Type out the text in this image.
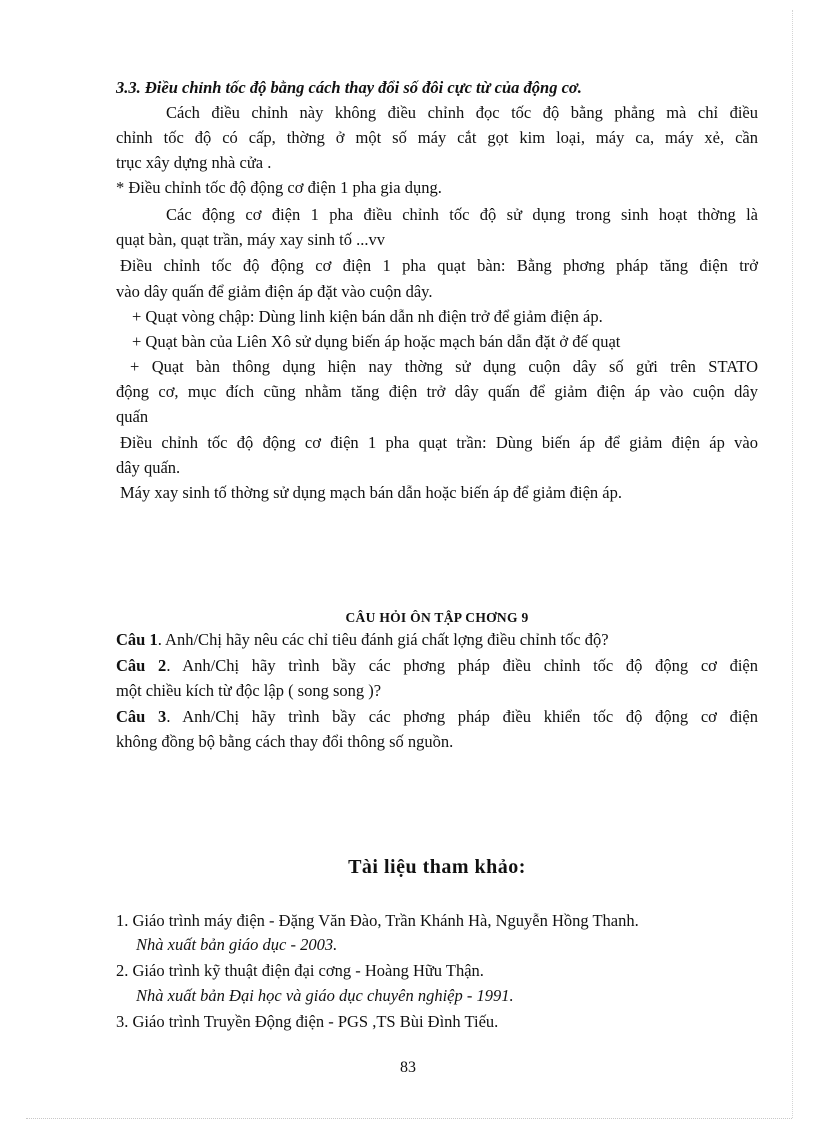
3.3. Điều chỉnh tốc độ bằng cách thay đổi số đôi cực từ của động cơ.

Cách điều chỉnh này không điều chỉnh đọc tốc độ bằng phẳng mà chỉ điều

chỉnh tốc độ có cấp, thờng ở một số máy cắt gọt kim loại, máy ca, máy xẻ, cần

trục xây dựng nhà cửa .

* Điều chỉnh tốc độ động cơ điện 1 pha gia dụng.

Các động cơ điện 1 pha điều chỉnh tốc độ sử dụng trong sinh hoạt thờng là

quạt bàn, quạt trần, máy xay sinh tố ...vv

Điều chỉnh tốc độ động cơ điện 1 pha quạt bàn: Bằng phơng pháp tăng điện trở

vào dây quấn để giảm điện áp đặt vào cuộn dây.

+ Quạt vòng chập: Dùng linh kiện bán dẫn nh điện trở để giảm điện áp.

+ Quạt bàn của Liên Xô sử dụng biến áp hoặc mạch bán dẫn đặt ở đế quạt

+ Quạt bàn thông dụng hiện nay thờng sử dụng cuộn dây số gửi trên STATO

động cơ, mục đích cũng nhằm tăng điện trở dây quấn để giảm điện áp vào cuộn dây

quấn

Điều chỉnh tốc độ động cơ điện 1 pha quạt trần: Dùng biến áp để giảm điện áp vào

dây quấn.

Máy xay sinh tố thờng sử dụng mạch bán dẫn hoặc biến áp để giảm điện áp.

CÂU HỎI ÔN TẬP CHƠNG 9

Câu 1. Anh/Chị hãy nêu các chỉ tiêu đánh giá chất lợng điều chỉnh tốc độ?

Câu 2. Anh/Chị hãy trình bầy các phơng pháp điều chỉnh tốc độ động cơ điện

một chiều kích từ độc lập ( song song )?

Câu 3. Anh/Chị hãy trình bầy các phơng pháp điều khiển tốc độ động cơ điện

không đồng bộ bằng cách thay đổi thông số nguồn.

Tài liệu tham khảo:

1. Giáo trình máy điện - Đặng Văn Đào, Trần Khánh Hà, Nguyễn Hồng Thanh.

Nhà xuất bản giáo dục - 2003.

2. Giáo trình kỹ thuật điện đại cơng - Hoàng Hữu Thận.

Nhà xuất bản Đại học và giáo dục chuyên nghiệp - 1991.

3. Giáo trình Truyền Động điện - PGS ,TS Bùi Đình Tiếu.

83
